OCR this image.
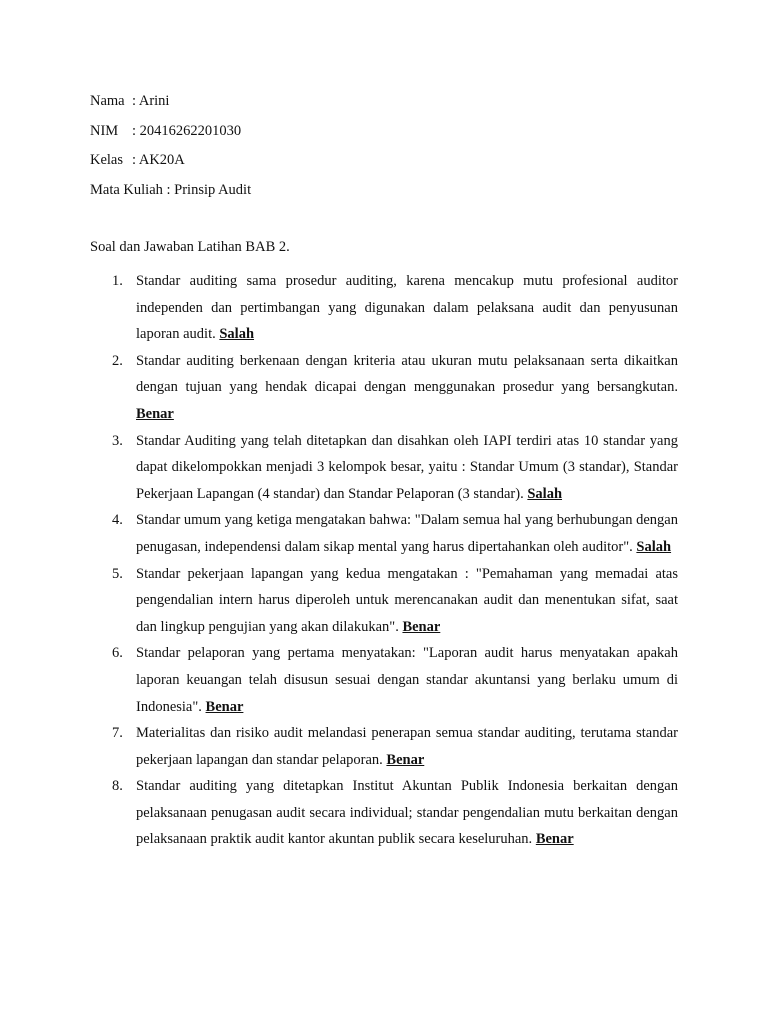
Nama : Arini
NIM : 20416262201030
Kelas : AK20A
Mata Kuliah : Prinsip Audit
Soal dan Jawaban Latihan BAB 2.
1. Standar auditing sama prosedur auditing, karena mencakup mutu profesional auditor independen dan pertimbangan yang digunakan dalam pelaksana audit dan penyusunan laporan audit. Salah
2. Standar auditing berkenaan dengan kriteria atau ukuran mutu pelaksanaan serta dikaitkan dengan tujuan yang hendak dicapai dengan menggunakan prosedur yang bersangkutan. Benar
3. Standar Auditing yang telah ditetapkan dan disahkan oleh IAPI terdiri atas 10 standar yang dapat dikelompokkan menjadi 3 kelompok besar, yaitu : Standar Umum (3 standar), Standar Pekerjaan Lapangan (4 standar) dan Standar Pelaporan (3 standar). Salah
4. Standar umum yang ketiga mengatakan bahwa: "Dalam semua hal yang berhubungan dengan penugasan, independensi dalam sikap mental yang harus dipertahankan oleh auditor". Salah
5. Standar pekerjaan lapangan yang kedua mengatakan : "Pemahaman yang memadai atas pengendalian intern harus diperoleh untuk merencanakan audit dan menentukan sifat, saat dan lingkup pengujian yang akan dilakukan". Benar
6. Standar pelaporan yang pertama menyatakan: "Laporan audit harus menyatakan apakah laporan keuangan telah disusun sesuai dengan standar akuntansi yang berlaku umum di Indonesia". Benar
7. Materialitas dan risiko audit melandasi penerapan semua standar auditing, terutama standar pekerjaan lapangan dan standar pelaporan. Benar
8. Standar auditing yang ditetapkan Institut Akuntan Publik Indonesia berkaitan dengan pelaksanaan penugasan audit secara individual; standar pengendalian mutu berkaitan dengan pelaksanaan praktik audit kantor akuntan publik secara keseluruhan. Benar
